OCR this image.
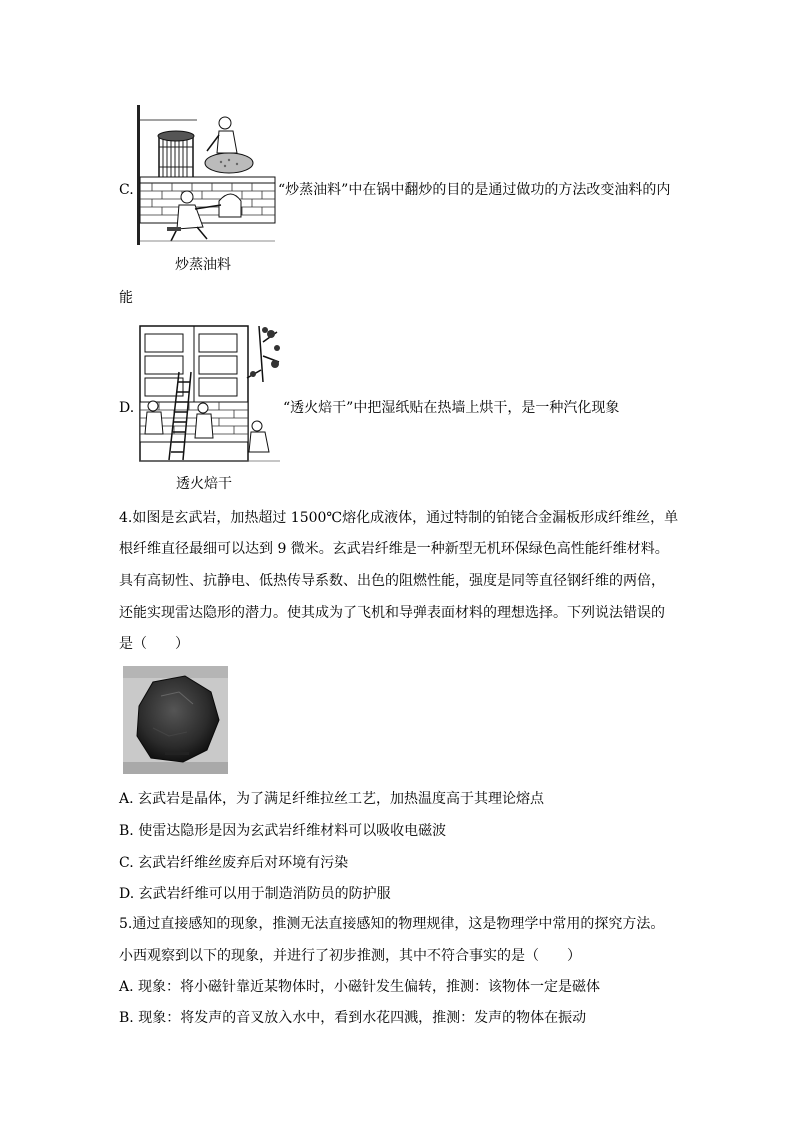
C.	“炒蒸油料”中在锅中翻炒的目的是通过做功的方法改变油料的内
炒蒸油料
能
D.	“透火焙干”中把湿纸贴在热墙上烘干，是一种汽化现象
透火焙干
4.如图是玄武岩，加热超过 1500℃熔化成液体，通过特制的铂铑合金漏板形成纤维丝，单
根纤维直径最细可以达到 9 微米。玄武岩纤维是一种新型无机环保绿色高性能纤维材料。
具有高韧性、抗静电、低热传导系数、出色的阻燃性能，强度是同等直径钢纤维的两倍，
还能实现雷达隐形的潜力。使其成为了飞机和导弹表面材料的理想选择。下列说法错误的
是（　　）
A. 玄武岩是晶体，为了满足纤维拉丝工艺，加热温度高于其理论熔点
B. 使雷达隐形是因为玄武岩纤维材料可以吸收电磁波
C. 玄武岩纤维丝废弃后对环境有污染
D. 玄武岩纤维可以用于制造消防员的防护服
5.通过直接感知的现象，推测无法直接感知的物理规律，这是物理学中常用的探究方法。
小西观察到以下的现象，并进行了初步推测，其中不符合事实的是（　　）
A. 现象：将小磁针靠近某物体时，小磁针发生偏转，推测：该物体一定是磁体
B. 现象：将发声的音叉放入水中，看到水花四溅，推测：发声的物体在振动
